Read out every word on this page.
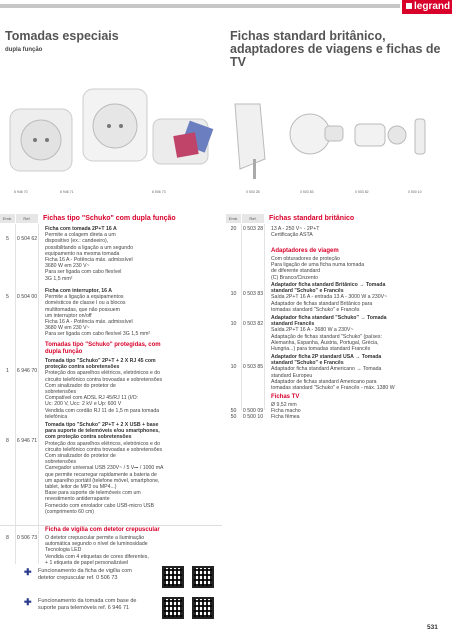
legrand
Tomadas especiais
dupla função
Fichas standard britânico,
adaptadores de viagens e fichas de TV
6 946 70	6 946 71	6 506 73	0 503 28	0 503 83	0 503 82	0 500 10
Emb.	Ref.	Fichas tipo "Schuko" com dupla função	Emb.	Ref.	Fichas standard britânico
5	0 504 62
Ficha com tomada 2P+T 16 A
Permite a colagem direta a um
dispositivo (ex.: candeeiro),
possibilitando a ligação a um segundo
equipamento na mesma tomada
Ficha 16 A - Potência máx. admissível
3680 W em 230 V~
Para ser ligada com cabo flexível
3G 1,5 mm²
5	0 504 00
Ficha com interruptor, 16 A
Permite a ligação a equipamentos
domésticos de classe I ou a blocos
multitomadas, que não possuem
um interruptor on/off
Ficha 16 A - Potência máx. admissível
3680 W em 230 V~
Para ser ligada com cabo flexível 3G 1,5 mm²
Tomadas tipo "Schuko" protegidas, com
dupla função
1	6 946 70
Tomada tipo "Schuko" 2P+T + 2 X RJ 45 com
proteção contra sobretensões
Proteção dos aparelhos elétricos, eletrónicos e do
circuito telefónico contra trovoadas e sobretensões
Com sinalizador do protetor de
sobretensões
Compatível com ADSL RJ 45/RJ 11 (I/O:
Uc: 200 V, Ucc: 2 kV e Up: 600 V
Vendida com cordão RJ 11 de 1,5 m para tomada
telefónica
8	6 946 71
Tomada tipo "Schuko" 2P+T + 2 X USB + base
para suporte de telemóveis e/ou smartphones,
com proteção contra sobretensões
Proteção dos aparelhos elétricos, eletrónicos e do
circuito telefónico contra trovoadas e sobretensões
Com sinalizador do protetor de
sobretensões
Carregador universal USB 230V~ / 5 V⎓ / 1000 mA
que permite recarregar rapidamente a bateria de
um aparelho portátil (telefone móvel, smartphone,
tablet, leitor de MP3 ou MP4...)
Base para suporte de telemóveis com um
revestimento antiderrapante
Fornecido com enrolador cabo USB-micro USB
(comprimento 60 cm)
Ficha de vigília com detetor crepuscular
8	0 506 73 O detetor crepuscular permite a iluminação
automática segundo o nível de luminosidade
Tecnologia LED
Vendida com 4 etiquetas de cores diferentes,
+ 1 etiqueta de papel personalizável
✚ Funcionamento da ficha de vigília com
detetor crepuscular ref. 0 506 73
✚ Funcionamento da tomada com base de
suporte para telemóveis ref. 6 946 71
20	0 503 28 13 A - 250 V~ - 2P+T
Certificação ASTA
Adaptadores de viagem
Com obturadores de proteção
Para ligação de uma ficha numa tomada
de diferente standard
(C) Branco/Cinzento
10	0 503 83
Adaptador ficha standard Britânico → Tomada
standard "Schuko" e Francês
Saída 2P+T 16 A - entrada 13 A - 3000 W a 230V~
Adaptador de fichas standard Britânico para
tomadas standard "Schuko" e Francês
10	0 503 82
Adaptador ficha standard "Schuko" → Tomada
standard Francês
Saída 2P+T 16 A - 3680 W a 230V~
Adaptação de fichas standard "Schuko" (países:
Alemanha, Espanha, Áustria, Portugal, Grécia,
Hungria...) para tomadas standard Francês
10	0 503 85
Adaptador ficha 2P standard USA → Tomada
standard "Schuko" e Francês
Adaptador ficha standard Americano → Tomada
standard Europeu
Adaptador de fichas standard Americano para
tomadas standard "Schuko" e Francês - máx. 1380 W
Fichas TV
Ø 9,52 mm
50	0 500 09 Ficha macho
50	0 500 10 Ficha fêmea
531
